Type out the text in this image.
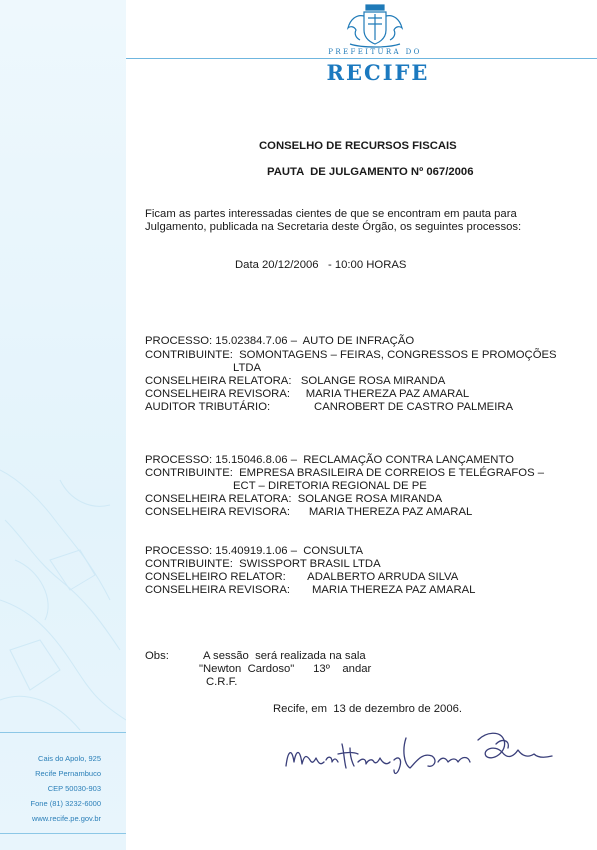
Cais do Apolo, 925
Recife Pernambuco
CEP 50030-903
Fone (81) 3232-6000
www.recife.pe.gov.br
PREFEITURA DO
RECIFE
CONSELHO DE RECURSOS FISCAIS
PAUTA  DE JULGAMENTO Nº 067/2006
Ficam as partes interessadas cientes de que se encontram em pauta para
Julgamento, publicada na Secretaria deste Órgão, os seguintes processos:
Data 20/12/2006   - 10:00 HORAS
PROCESSO: 15.02384.7.06 –  AUTO DE INFRAÇÃO
CONTRIBUINTE:  SOMONTAGENS – FEIRAS, CONGRESSOS E PROMOÇÕES
LTDA
CONSELHEIRA RELATORA:   SOLANGE ROSA MIRANDA
CONSELHEIRA REVISORA:     MARIA THEREZA PAZ AMARAL
AUDITOR TRIBUTÁRIO:              CANROBERT DE CASTRO PALMEIRA
PROCESSO: 15.15046.8.06 –  RECLAMAÇÃO CONTRA LANÇAMENTO
CONTRIBUINTE:  EMPRESA BRASILEIRA DE CORREIOS E TELÉGRAFOS –
ECT – DIRETORIA REGIONAL DE PE
CONSELHEIRA RELATORA:  SOLANGE ROSA MIRANDA
CONSELHEIRA REVISORA:      MARIA THEREZA PAZ AMARAL
PROCESSO: 15.40919.1.06 –  CONSULTA
CONTRIBUINTE:  SWISSPORT BRASIL LTDA
CONSELHEIRO RELATOR:       ADALBERTO ARRUDA SILVA
CONSELHEIRA REVISORA:       MARIA THEREZA PAZ AMARAL
Obs:	A sessão  será realizada na sala
"Newton  Cardoso"      13º    andar
C.R.F.
Recife, em  13 de dezembro de 2006.
